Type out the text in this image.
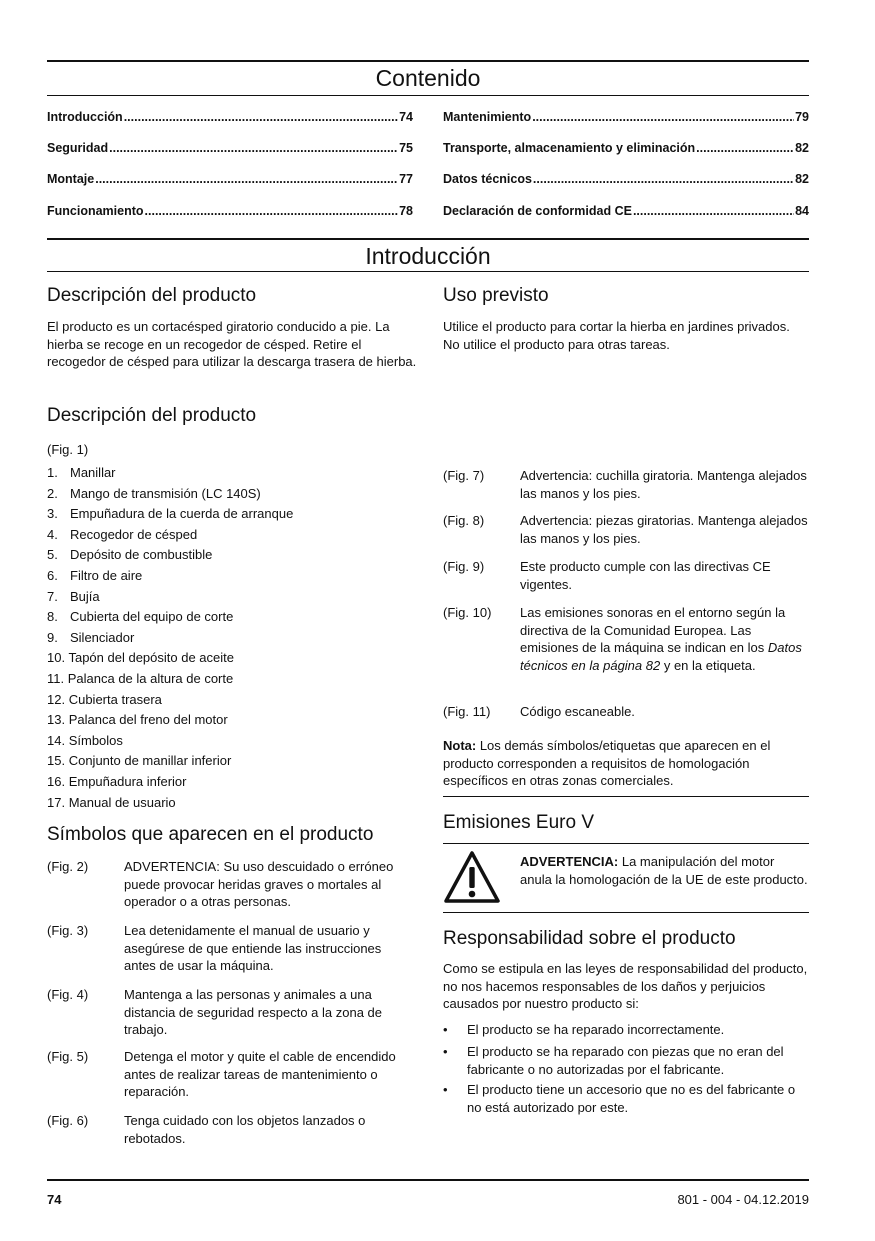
Contenido
Introducción .....	74
Seguridad .....	75
Montaje .....	77
Funcionamiento .....	78
Mantenimiento .....	79
Transporte, almacenamiento y eliminación .....	82
Datos técnicos .....	82
Declaración de conformidad CE .....	84
Introducción
Descripción del producto

El producto es un cortacésped giratorio conducido a pie. La hierba se recoge en un recogedor de césped. Retire el recogedor de césped para utilizar la descarga trasera de hierba.

Descripción del producto
(Fig. 1)
1. Manillar
2. Mango de transmisión (LC 140S)
3. Empuñadura de la cuerda de arranque
4. Recogedor de césped
5. Depósito de combustible
6. Filtro de aire
7. Bujía
8. Cubierta del equipo de corte
9. Silenciador
10. Tapón del depósito de aceite
11. Palanca de la altura de corte
12. Cubierta trasera
13. Palanca del freno del motor
14. Símbolos
15. Conjunto de manillar inferior
16. Empuñadura inferior
17. Manual de usuario
Símbolos que aparecen en el producto
(Fig. 2)	ADVERTENCIA: Su uso descuidado o erróneo puede provocar heridas graves o mortales al operador o a otras personas.
(Fig. 3)	Lea detenidamente el manual de usuario y asegúrese de que entiende las instrucciones antes de usar la máquina.
(Fig. 4)	Mantenga a las personas y animales a una distancia de seguridad respecto a la zona de trabajo.
(Fig. 5)	Detenga el motor y quite el cable de encendido antes de realizar tareas de mantenimiento o reparación.
(Fig. 6)	Tenga cuidado con los objetos lanzados o rebotados.
Uso previsto

Utilice el producto para cortar la hierba en jardines privados. No utilice el producto para otras tareas.

(Fig. 7)	Advertencia: cuchilla giratoria. Mantenga alejados las manos y los pies.
(Fig. 8)	Advertencia: piezas giratorias. Mantenga alejados las manos y los pies.
(Fig. 9)	Este producto cumple con las directivas CE vigentes.
(Fig. 10) Las emisiones sonoras en el entorno según la directiva de la Comunidad Europea. Las emisiones de la máquina se indican en los Datos técnicos en la página 82 y en la etiqueta.
(Fig. 11) Código escaneable.

Nota: Los demás símbolos/etiquetas que aparecen en el producto corresponden a requisitos de homologación específicos en otras zonas comerciales.

Emisiones Euro V

ADVERTENCIA: La manipulación del motor anula la homologación de la UE de este producto.

Responsabilidad sobre el producto

Como se estipula en las leyes de responsabilidad del producto, no nos hacemos responsables de los daños y perjuicios causados por nuestro producto si:

• El producto se ha reparado incorrectamente.
• El producto se ha reparado con piezas que no eran del fabricante o no autorizadas por el fabricante.
• El producto tiene un accesorio que no es del fabricante o no está autorizado por este.
74	801 - 004 - 04.12.2019
